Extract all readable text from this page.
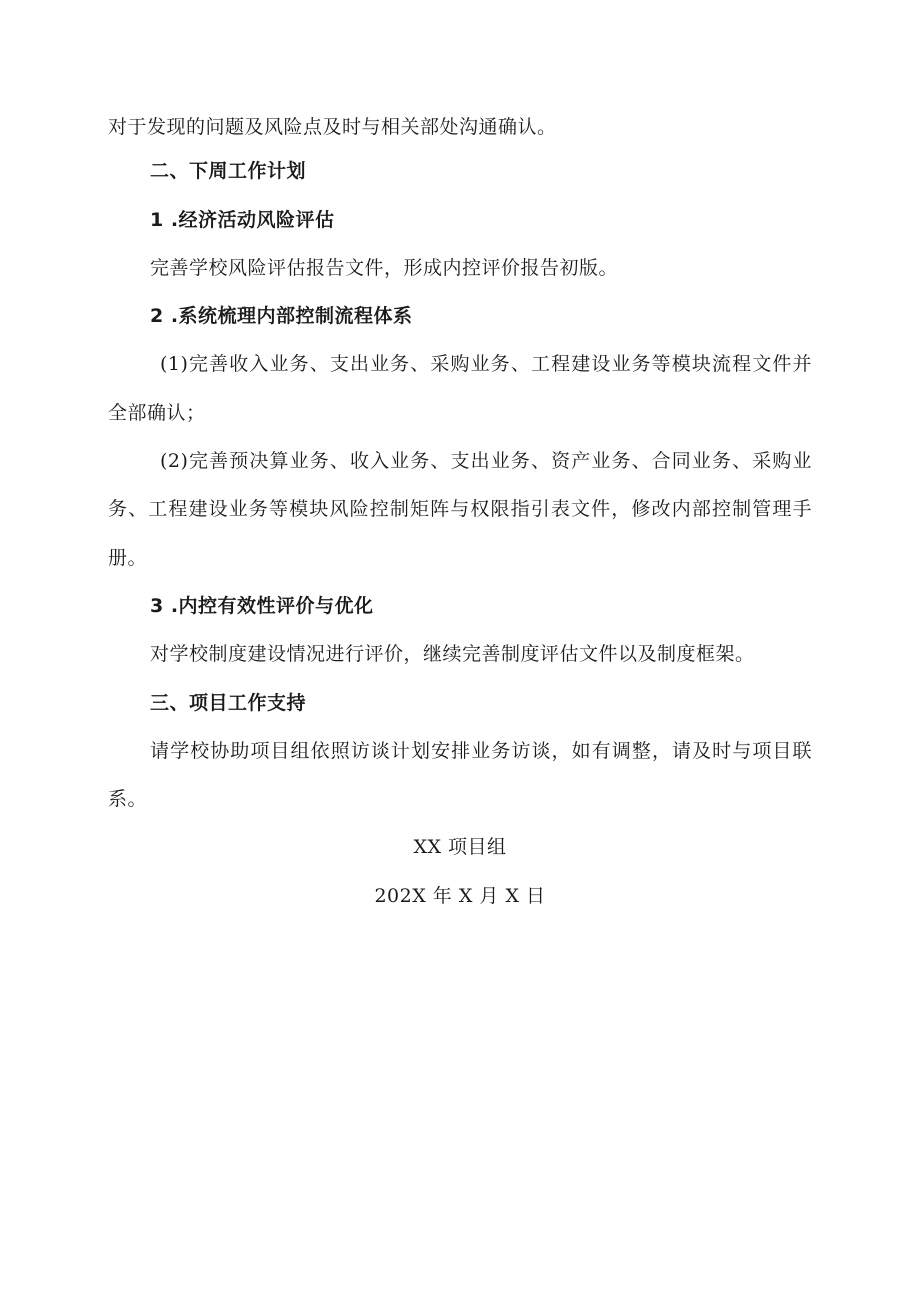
对于发现的问题及风险点及时与相关部处沟通确认。
二、下周工作计划
1 .经济活动风险评估
完善学校风险评估报告文件，形成内控评价报告初版。
2 .系统梳理内部控制流程体系
(1)完善收入业务、支出业务、采购业务、工程建设业务等模块流程文件并
全部确认；
(2)完善预决算业务、收入业务、支出业务、资产业务、合同业务、采购业
务、工程建设业务等模块风险控制矩阵与权限指引表文件，修改内部控制管理手
册。
3 .内控有效性评价与优化
对学校制度建设情况进行评价，继续完善制度评估文件以及制度框架。
三、项目工作支持
请学校协助项目组依照访谈计划安排业务访谈，如有调整，请及时与项目联
系。
XX 项目组
202X 年 X 月 X 日
